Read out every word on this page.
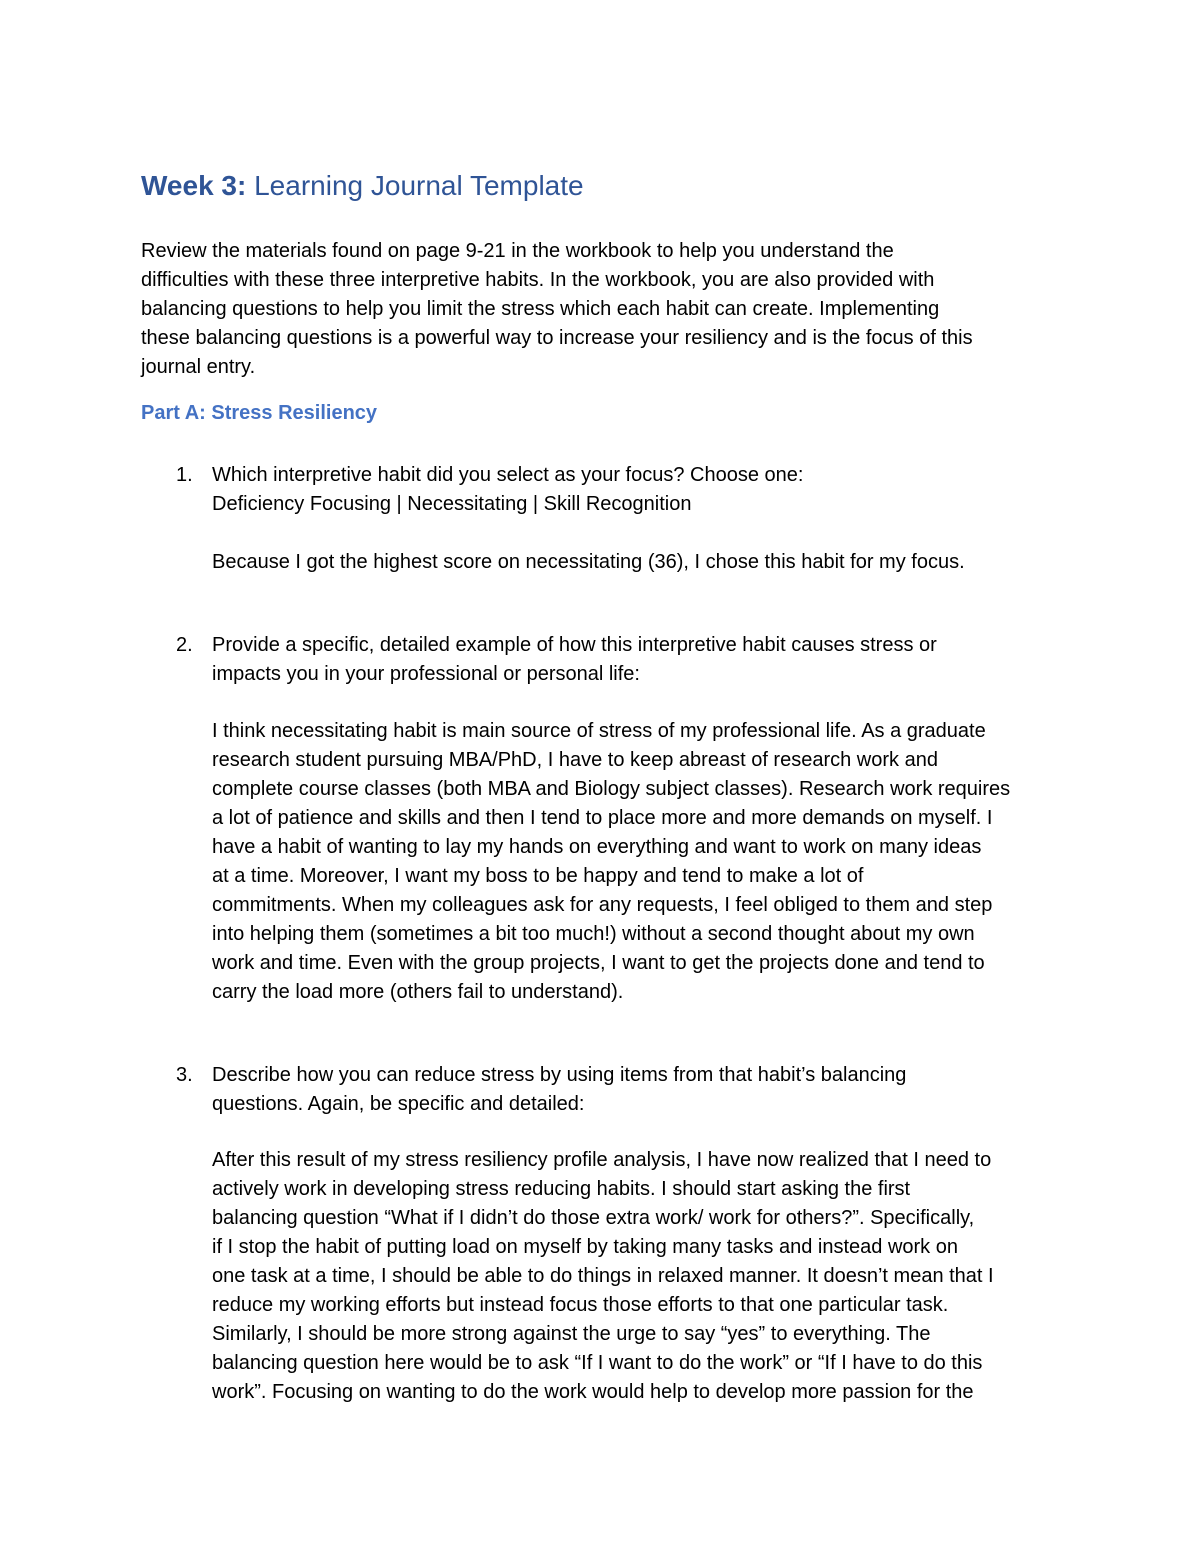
Week 3: Learning Journal Template

Review the materials found on page 9-21 in the workbook to help you understand the
difficulties with these three interpretive habits. In the workbook, you are also provided with
balancing questions to help you limit the stress which each habit can create. Implementing
these balancing questions is a powerful way to increase your resiliency and is the focus of this
journal entry.

Part A: Stress Resiliency
1. Which interpretive habit did you select as your focus? Choose one:
Deficiency Focusing | Necessitating | Skill Recognition

Because I got the highest score on necessitating (36), I chose this habit for my focus.

2. Provide a specific, detailed example of how this interpretive habit causes stress or
impacts you in your professional or personal life:

I think necessitating habit is main source of stress of my professional life. As a graduate
research student pursuing MBA/PhD, I have to keep abreast of research work and
complete course classes (both MBA and Biology subject classes). Research work requires
a lot of patience and skills and then I tend to place more and more demands on myself. I
have a habit of wanting to lay my hands on everything and want to work on many ideas
at a time. Moreover, I want my boss to be happy and tend to make a lot of
commitments. When my colleagues ask for any requests, I feel obliged to them and step
into helping them (sometimes a bit too much!) without a second thought about my own
work and time. Even with the group projects, I want to get the projects done and tend to
carry the load more (others fail to understand).

3. Describe how you can reduce stress by using items from that habit’s balancing
questions. Again, be specific and detailed:

After this result of my stress resiliency profile analysis, I have now realized that I need to
actively work in developing stress reducing habits. I should start asking the first
balancing question “What if I didn’t do those extra work/ work for others?”. Specifically,
if I stop the habit of putting load on myself by taking many tasks and instead work on
one task at a time, I should be able to do things in relaxed manner. It doesn’t mean that I
reduce my working efforts but instead focus those efforts to that one particular task.
Similarly, I should be more strong against the urge to say “yes” to everything. The
balancing question here would be to ask “If I want to do the work” or “If I have to do this
work”. Focusing on wanting to do the work would help to develop more passion for the
